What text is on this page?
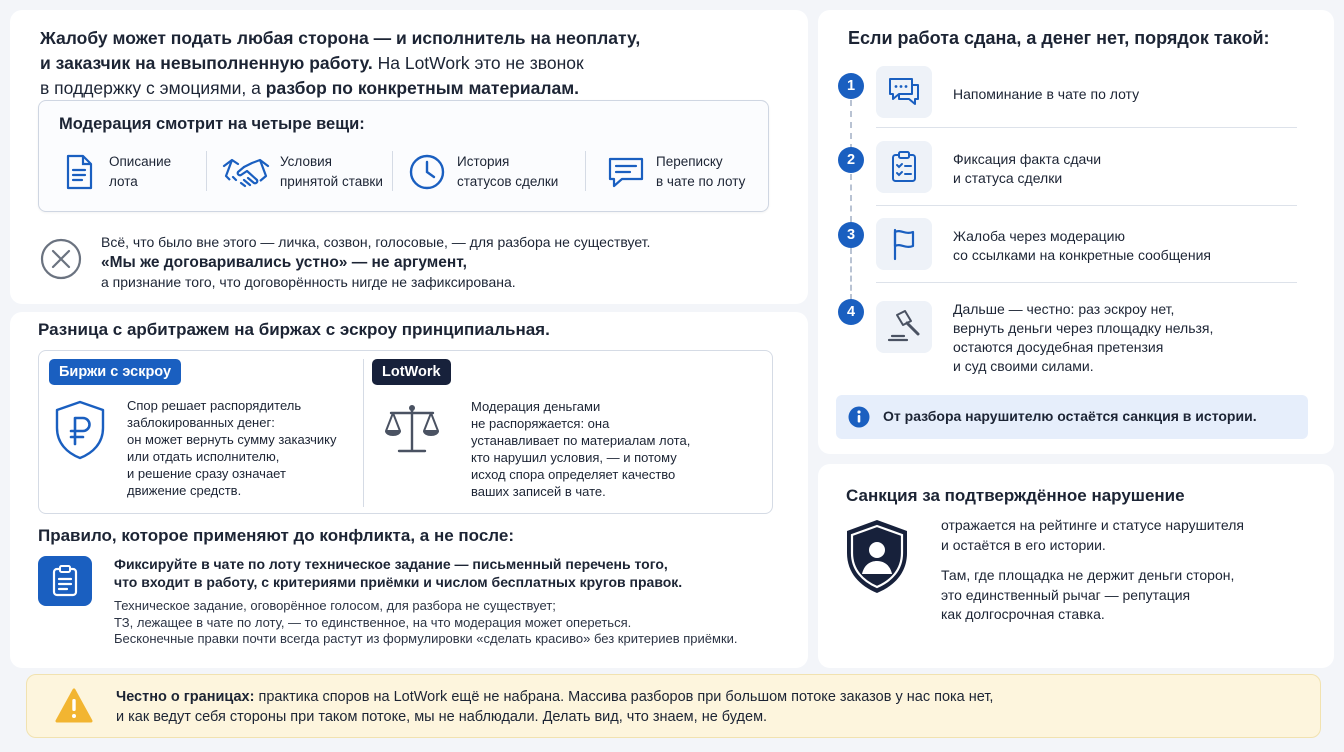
Жалобу может подать любая сторона — и исполнитель на неоплату,
и заказчик на невыполненную работу. На LotWork это не звонок
в поддержку с эмоциями, а разбор по конкретным материалам.
Модерация смотрит на четыре вещи:
Описание
лота
Условия
принятой ставки
История
статусов сделки
Переписку
в чате по лоту
Всё, что было вне этого — личка, созвон, голосовые, — для разбора не существует.
«Мы же договаривались устно» — не аргумент,
а признание того, что договорённость нигде не зафиксирована.
Разница с арбитражем на биржах с эскроу принципиальная.
Биржи с эскроу
Спор решает распорядитель
заблокированных денег:
он может вернуть сумму заказчику
или отдать исполнителю,
и решение сразу означает
движение средств.
LotWork
Модерация деньгами
не распоряжается: она
устанавливает по материалам лота,
кто нарушил условия, — и потому
исход спора определяет качество
ваших записей в чате.
Правило, которое применяют до конфликта, а не после:
Фиксируйте в чате по лоту техническое задание — письменный перечень того,
что входит в работу, с критериями приёмки и числом бесплатных кругов правок.
Техническое задание, оговорённое голосом, для разбора не существует;
ТЗ, лежащее в чате по лоту, — то единственное, на что модерация может опереться.
Бесконечные правки почти всегда растут из формулировки «сделать красиво» без критериев приёмки.
Если работа сдана, а денег нет, порядок такой:
1	Напоминание в чате по лоту
2	Фиксация факта сдачи
и статуса сделки
3	Жалоба через модерацию
со ссылками на конкретные сообщения
4	Дальше — честно: раз эскроу нет,
вернуть деньги через площадку нельзя,
остаются досудебная претензия
и суд своими силами.
От разбора нарушителю остаётся санкция в истории.
Санкция за подтверждённое нарушение
отражается на рейтинге и статусе нарушителя
и остаётся в его истории.
Там, где площадка не держит деньги сторон,
это единственный рычаг — репутация
как долгосрочная ставка.
Честно о границах: практика споров на LotWork ещё не набрана. Массива разборов при большом потоке заказов у нас пока нет,
и как ведут себя стороны при таком потоке, мы не наблюдали. Делать вид, что знаем, не будем.
